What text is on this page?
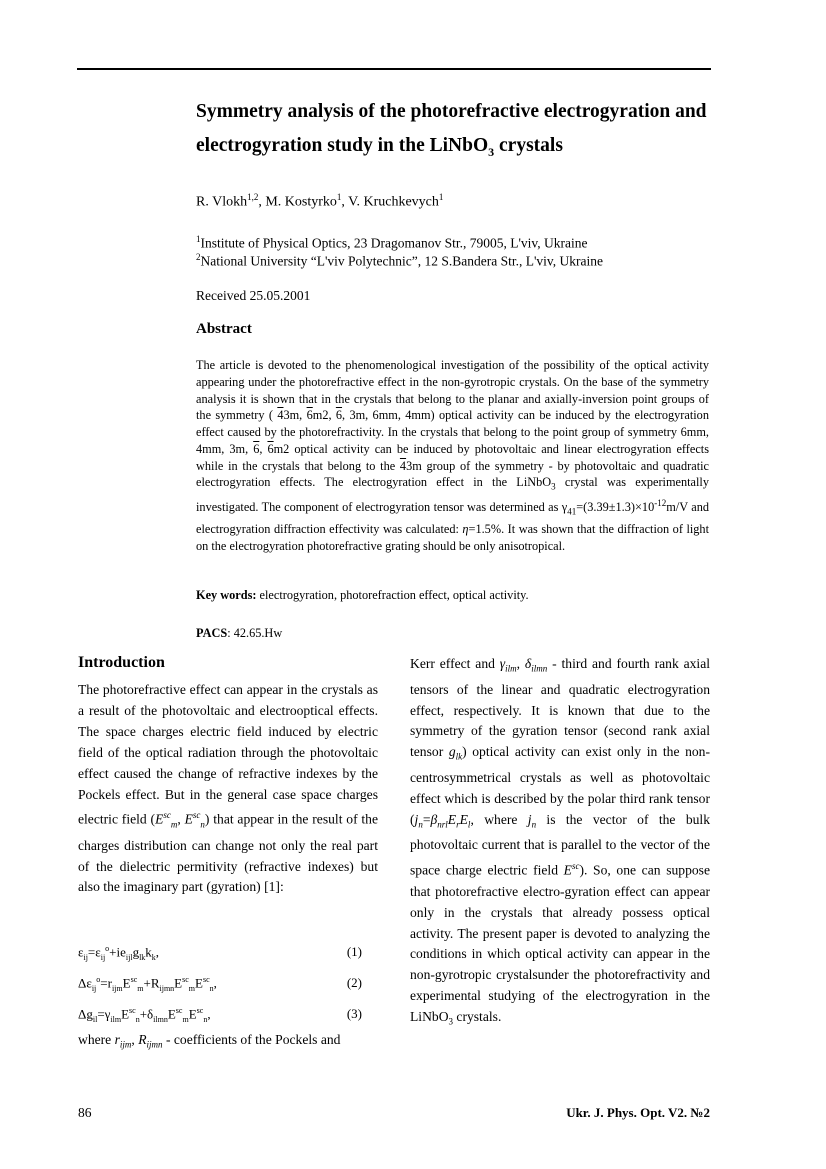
Symmetry analysis of the photorefractive electrogyration and
electrogyration study in the LiNbO$_3$ crystals
R. Vlokh$^{1,2}$, M. Kostyrko$^1$, V. Kruchkevych$^1$
$^1$Institute of Physical Optics, 23 Dragomanov Str., 79005, L'viv, Ukraine
$^2$National University “L'viv Polytechnic”, 12 S.Bandera Str., L'viv, Ukraine
Received 25.05.2001
Abstract
The article is devoted to the phenomenological investigation of the possibility of the optical activity appearing under the photorefractive effect in the non-gyrotropic crystals. On the base of the symmetry analysis it is shown that in the crystals that belong to the planar and axially-inversion point groups of the symmetry ( 43m, 6m2, 6, 3m, 6mm, 4mm) optical activity can be induced by the electrogyration effect caused by the photorefractivity. In the crystals that belong to the point group of symmetry 6mm, 4mm, 3m, 6, 6m2 optical activity can be induced by photovoltaic and linear electrogyration effects while in the crystals that belong to the 43m group of the symmetry - by photovoltaic and quadratic electrogyration effects. The electrogyration effect in the LiNbO$_3$ crystal was experimentally investigated. The component of electrogyration tensor was determined as $\gamma_{41}=(3.39\pm 1.3)\times 10^{-12}m/V$ and electrogyration diffraction effectivity was calculated: η=1.5%. It was shown that the diffraction of light on the electrogyration photorefractive grating should be only anisotropical.
Key words: electrogyration, photorefraction effect, optical activity.
PACS: 42.65.Hw
Introduction

The photorefractive effect can appear in the crystals as a result of the photovoltaic and electrooptical effects. The space charges electric field induced by electric field of the optical radiation through the photovoltaic effect caused the change of refractive indexes by the Pockels effect. But in the general case space charges electric field ($E^{sc}_m$, $E^{sc}_n$) that appear in the result of the charges distribution can change not only the real part of the dielectric permitivity (refractive indexes) but also the imaginary part (gyration) [1]:

$\varepsilon_{ij}=\varepsilon_{ij}^o+ie_{ijl}g_{lk}k_k$,	(1)
$\Delta\varepsilon_{ij}^o=r_{ijm}E^{sc}_m+R_{ijmn}E^{sc}_mE^{sc}_n$,	(2)
$\Delta g_{il}=\gamma_{ilm}E^{sc}_n+\delta_{ilmn}E^{sc}_mE^{sc}_n$,	(3)

where $r_{ijm}$, $R_{ijmn}$ - coefficients of the Pockels and

Kerr effect and $\gamma_{ilm}$, $\delta_{ilmn}$ - third and fourth rank axial tensors of the linear and quadratic electrogyration effect, respectively. It is known that due to the symmetry of the gyration tensor (second rank axial tensor $g_{lk}$) optical activity can exist only in the non-centrosymmetrical crystals as well as photovoltaic effect which is described by the polar third rank tensor ($j_n=\beta_{nrl}E_rE_l$, where $j_n$ is the vector of the bulk photovoltaic current that is parallel to the vector of the space charge electric field $E^{sc}$). So, one can suppose that photorefractive electro-gyration effect can appear only in the crystals that already possess optical activity. The present paper is devoted to analyzing the conditions in which optical activity can appear in the non-gyrotropic crystalsunder the photorefractivity and experimental studying of the electrogyration in the LiNbO$_3$ crystals.

86	Ukr. J. Phys. Opt. V2. №2
